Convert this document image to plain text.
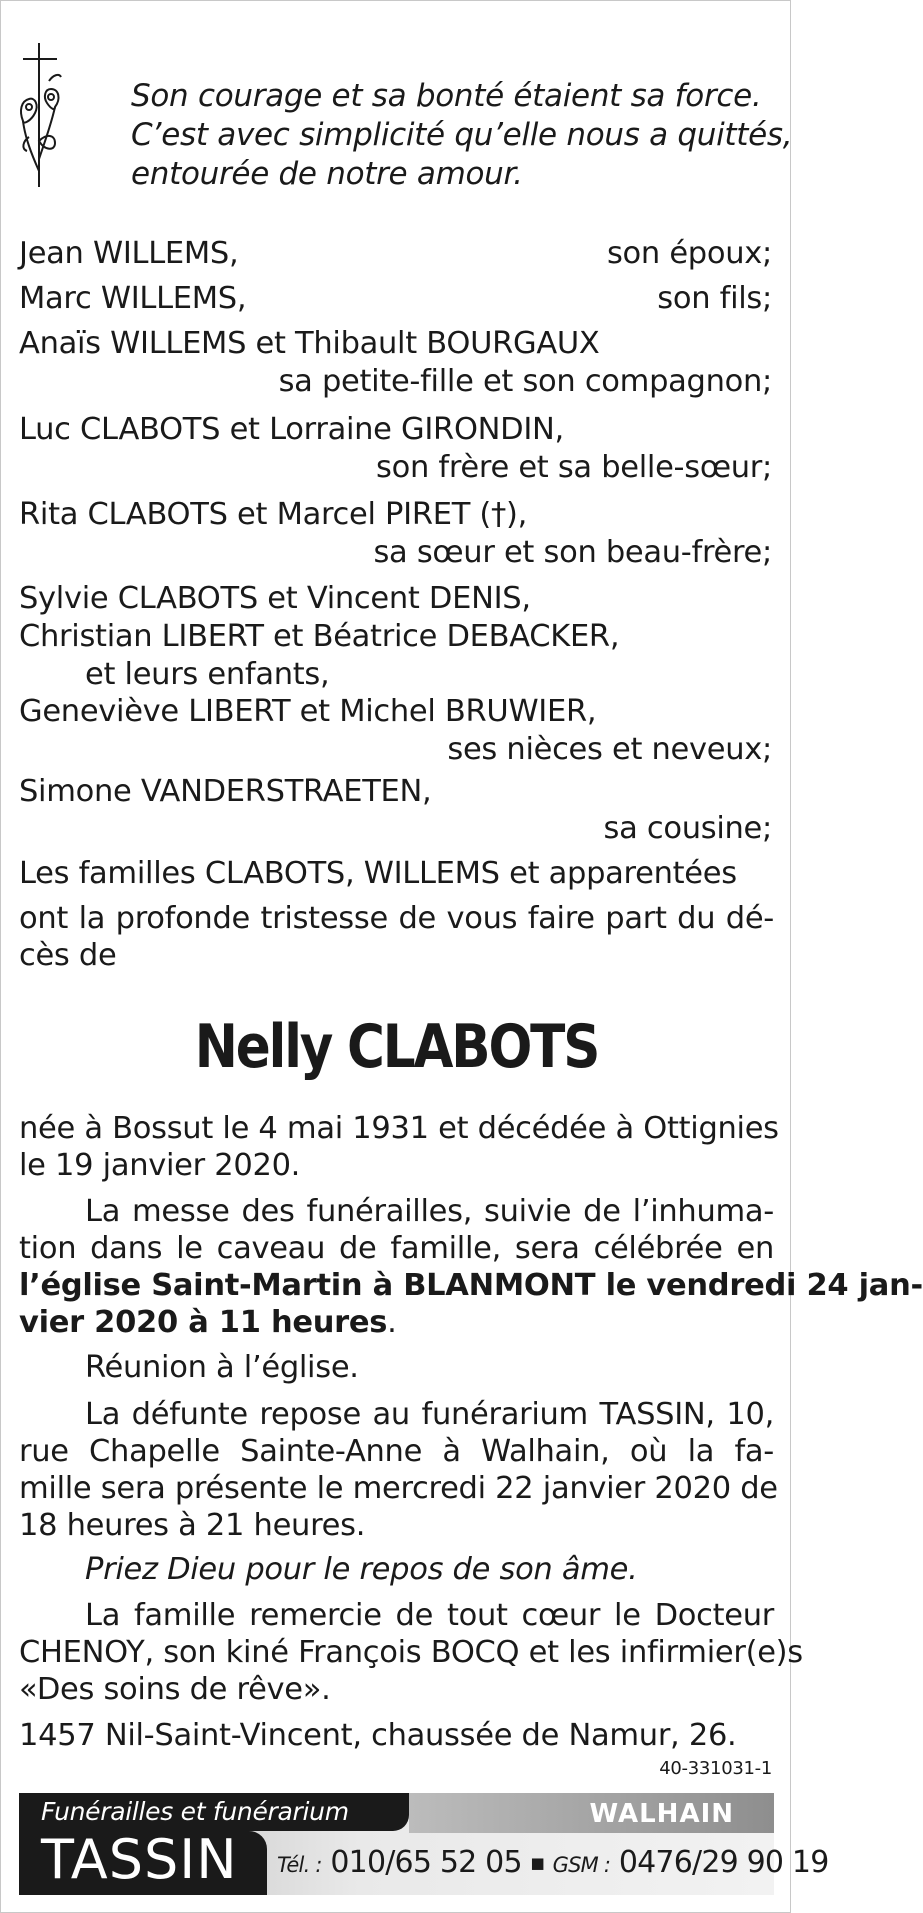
Son courage et sa bonté étaient sa force.
C’est avec simplicité qu’elle nous a quittés,
entourée de notre amour.
Jean WILLEMS,	son époux;
Marc WILLEMS,	son fils;
Anaïs WILLEMS et Thibault BOURGAUX
sa petite-fille et son compagnon;
Luc CLABOTS et Lorraine GIRONDIN,
son frère et sa belle-sœur;
Rita CLABOTS et Marcel PIRET (†),
sa sœur et son beau-frère;
Sylvie CLABOTS et Vincent DENIS,
Christian LIBERT et Béatrice DEBACKER,
et leurs enfants,
Geneviève LIBERT et Michel BRUWIER,
ses nièces et neveux;
Simone VANDERSTRAETEN,
sa cousine;
Les familles CLABOTS, WILLEMS et apparentées
ont la profonde tristesse de vous faire part du dé-
cès de
Nelly CLABOTS
née à Bossut le 4 mai 1931 et décédée à Ottignies
le 19 janvier 2020.
La messe des funérailles, suivie de l’inhuma-
tion dans le caveau de famille, sera célébrée en
l’église Saint-Martin à BLANMONT le vendredi 24 jan-
vier 2020 à 11 heures.
Réunion à l’église.
La défunte repose au funérarium TASSIN, 10,
rue Chapelle Sainte-Anne à Walhain, où la fa-
mille sera présente le mercredi 22 janvier 2020 de
18 heures à 21 heures.
Priez Dieu pour le repos de son âme.
La famille remercie de tout cœur le Docteur
CHENOY, son kiné François BOCQ et les infirmier(e)s
«Des soins de rêve».
1457 Nil-Saint-Vincent, chaussée de Namur, 26.
40-331031-1
Funérailles et funérarium
TASSIN
WALHAIN
Tél. : 010/65 52 05 ■ GSM : 0476/29 90 19
